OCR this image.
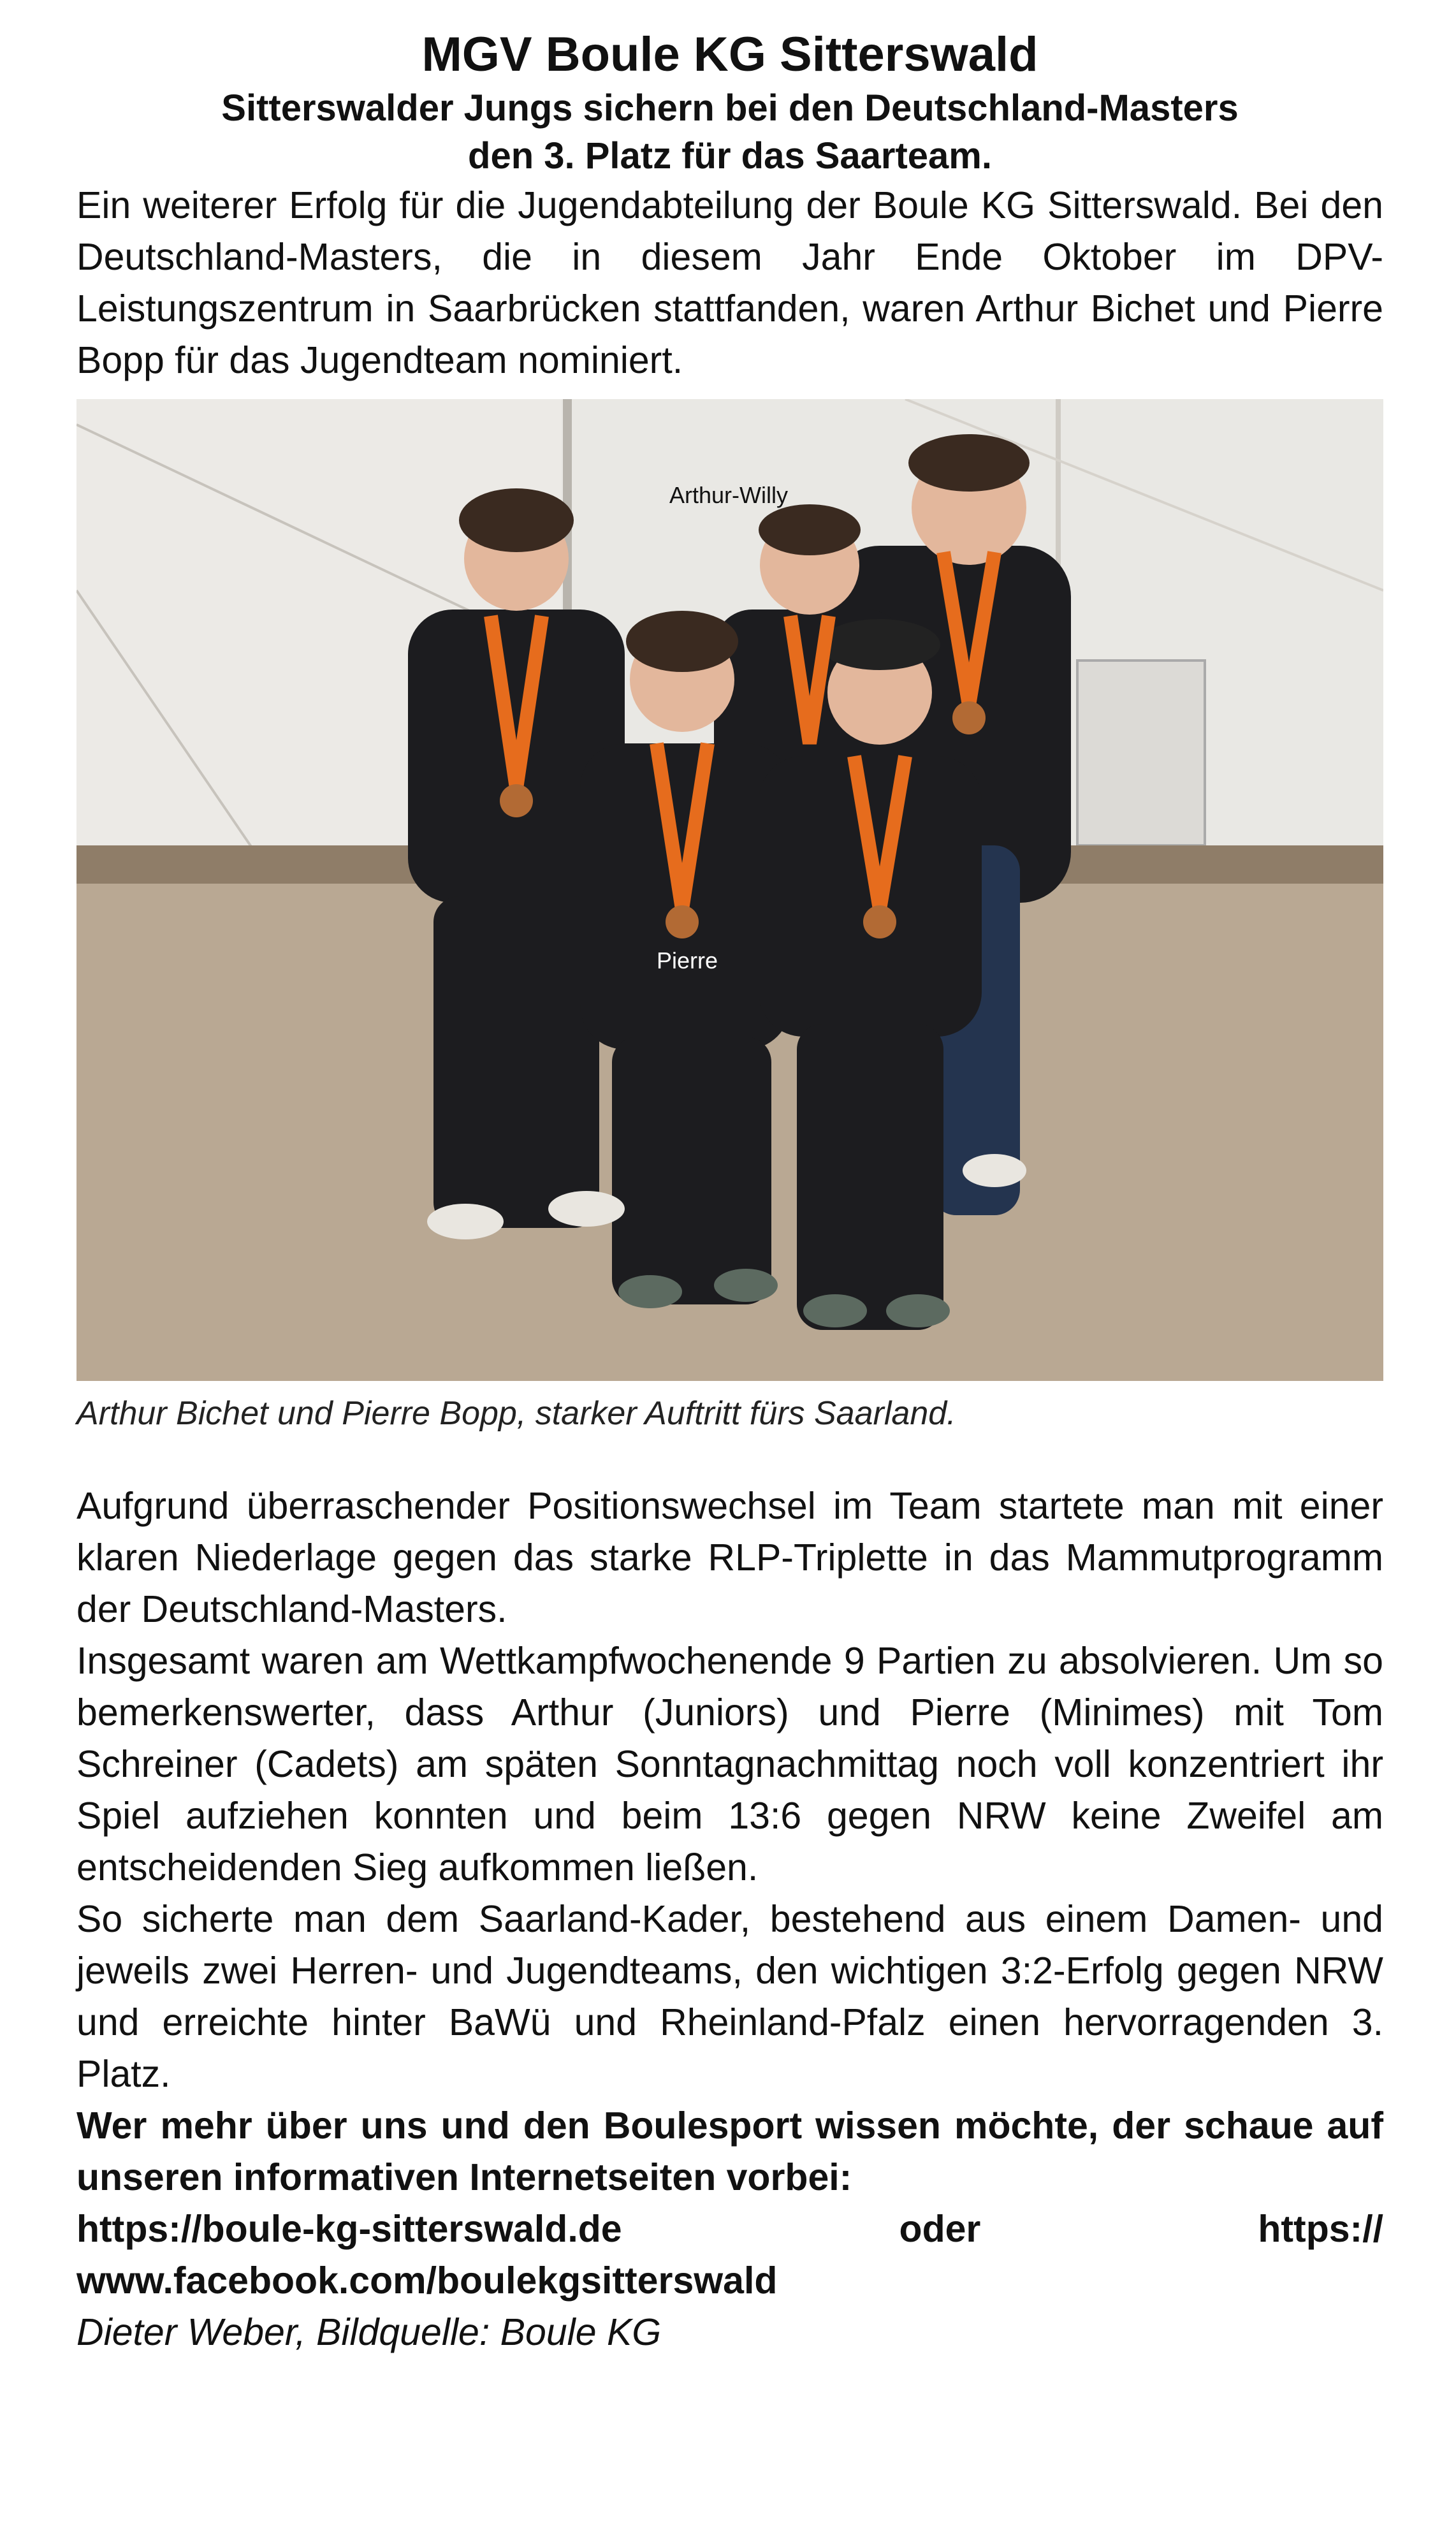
MGV Boule KG Sitterswald

Sitterswalder Jungs sichern bei den Deutschland-Masters

den 3. Platz für das Saarteam.

Ein weiterer Erfolg für die Jugendabteilung der Boule KG Sitterswald. Bei den Deutschland-Masters, die in diesem Jahr Ende Oktober im DPV-Leistungszentrum in Saarbrücken stattfanden, waren Arthur Bichet und Pierre Bopp für das Jugendteam nominiert.

Arthur-Willy
Pierre

Arthur Bichet und Pierre Bopp, starker Auftritt fürs Saarland.

Aufgrund überraschender Positionswechsel im Team startete man mit einer klaren Niederlage gegen das starke RLP-Triplette in das Mammutprogramm der Deutschland-Masters.

Insgesamt waren am Wettkampfwochenende 9 Partien zu absolvieren. Um so bemerkenswerter, dass Arthur (Juniors) und Pierre (Minimes) mit Tom Schreiner (Cadets) am späten Sonntagnachmittag noch voll konzentriert ihr Spiel aufziehen konnten und beim 13:6 gegen NRW keine Zweifel am entscheidenden Sieg aufkommen ließen.

So sicherte man dem Saarland-Kader, bestehend aus einem Damen- und jeweils zwei Herren- und Jugendteams, den wichtigen 3:2-Erfolg gegen NRW und erreichte hinter BaWü und Rheinland-Pfalz einen hervorragenden 3. Platz.

Wer mehr über uns und den Boulesport wissen möchte, der schaue auf unseren informativen Internetseiten vorbei:

https://boule-kg-sitterswald.de	oder	https://

www.facebook.com/boulekgsitterswald

Dieter Weber, Bildquelle: Boule KG
